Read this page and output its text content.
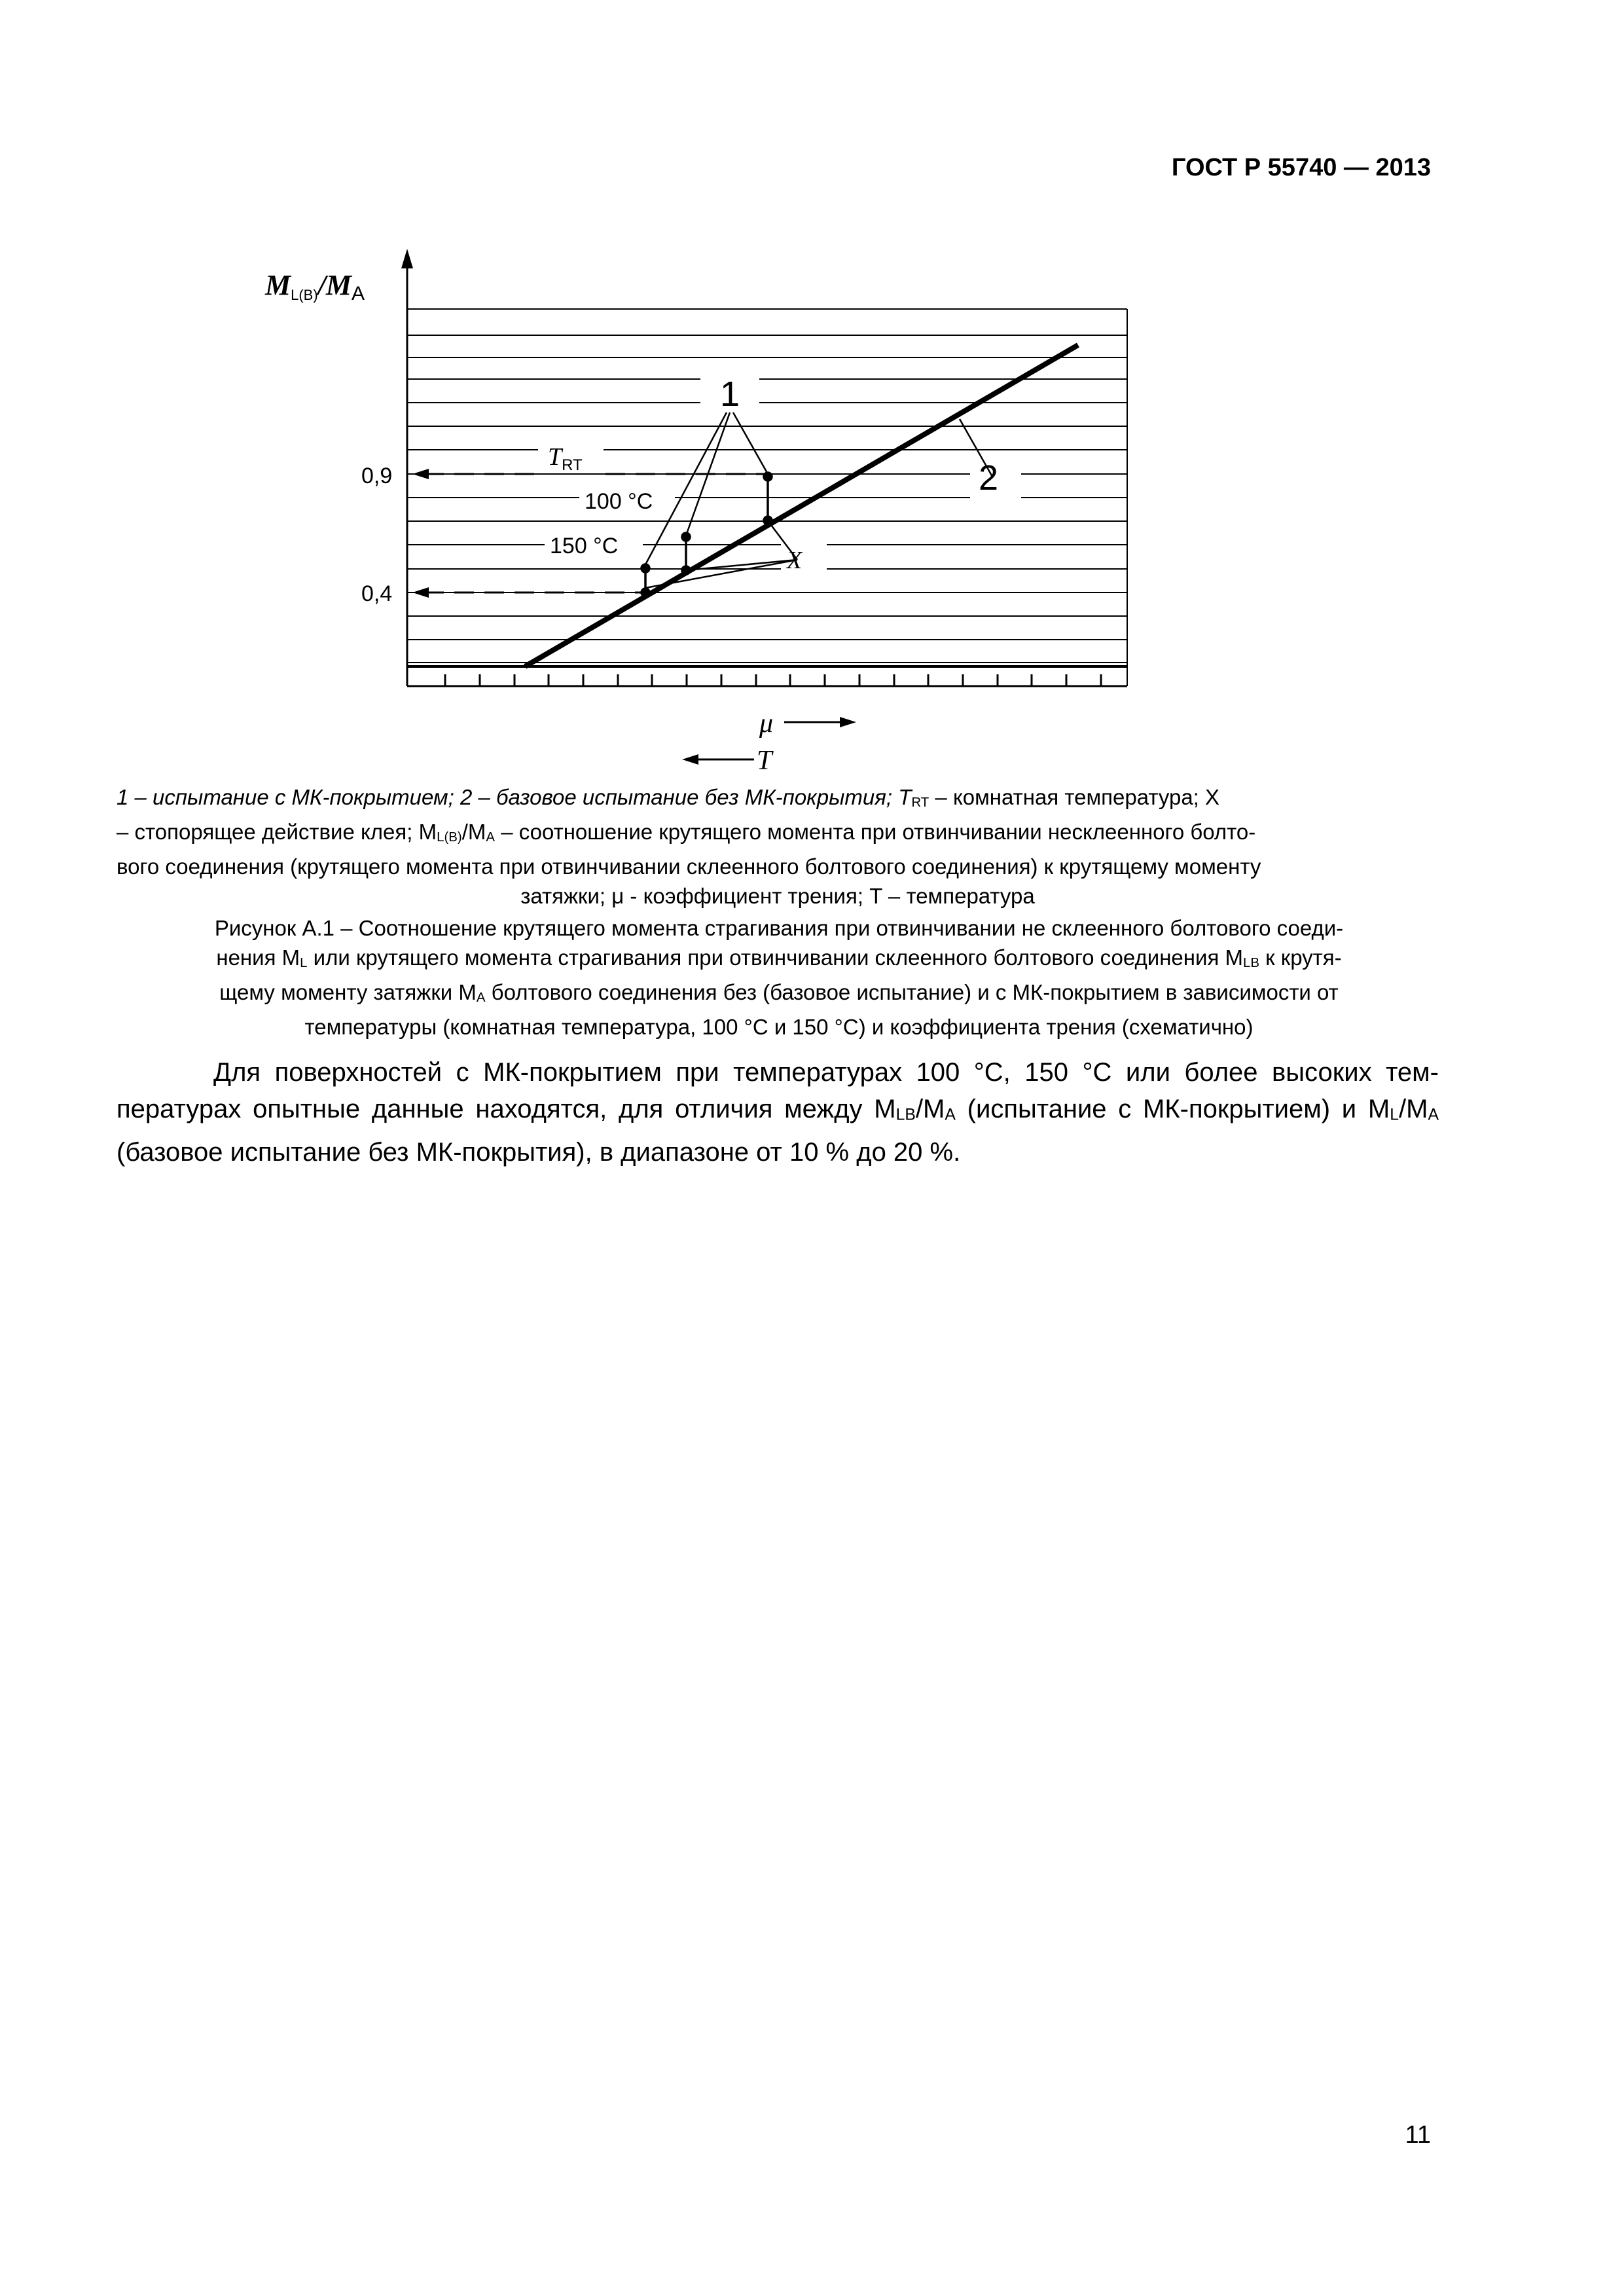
ГОСТ Р 55740 — 2013
ML(B)/MA
$T_{RT}$
X
μ
T
0,9
0,4
1
2
100 °C
150 °C
1 – испытание с МК-покрытием; 2 – базовое испытание без МК-покрытия; $T_{RT}$ – комнатная температура; X
– стопорящее действие клея; $M_{L(B)}/M_A$ – соотношение крутящего момента при отвинчивании несклеенного болто-
вого соединения (крутящего момента при отвинчивании склеенного болтового соединения) к крутящему моменту
затяжки; μ - коэффициент трения; T – температура
Рисунок А.1 – Соотношение крутящего момента страгивания при отвинчивании не склеенного болтового соеди-
нения $M_L$ или крутящего момента страгивания при отвинчивании склеенного болтового соединения $M_{LB}$ к крутя-
щему моменту затяжки $M_A$ болтового соединения без (базовое испытание) и с МК-покрытием в зависимости от
температуры (комнатная температура, 100 °С и 150 °С) и коэффициента трения (схематично)
Для поверхностей с МК-покрытием при температурах 100 °С, 150 °С или более высоких тем-пературах опытные данные находятся, для отличия между $M_{LB}/M_A$ (испытание с МК-покрытием) и $M_L/M_A$ (базовое испытание без МК-покрытия), в диапазоне от 10 % до 20 %.
11
